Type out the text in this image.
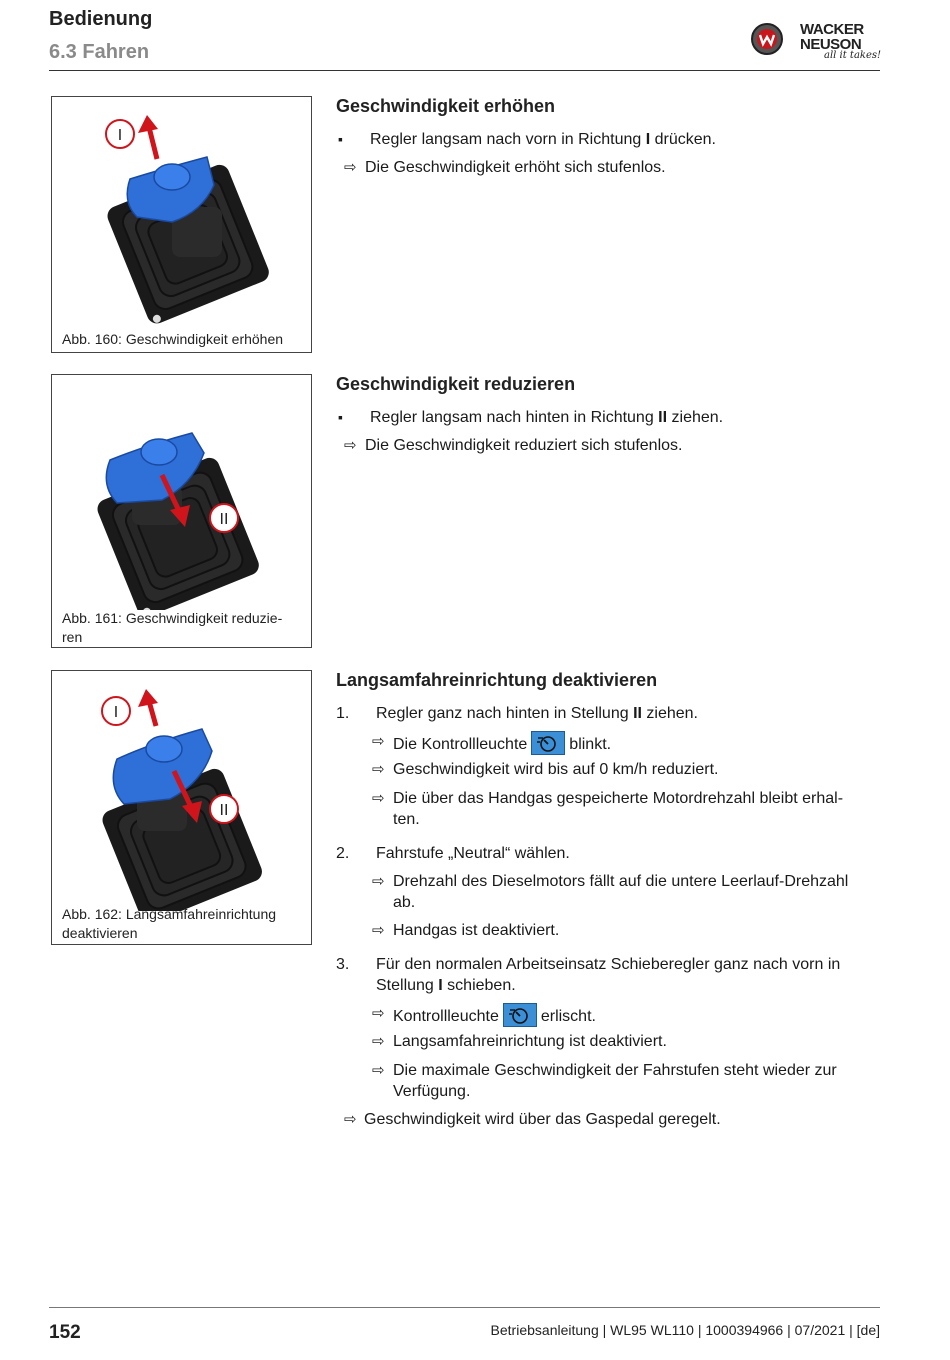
Bedienung
6.3 Fahren
WACKER
NEUSON
all it takes!
I
Abb. 160: Geschwindigkeit erhöhen
II
Abb. 161: Geschwindigkeit reduzie-
ren
I
II
Abb. 162: Langsamfahreinrichtung
deaktivieren
Geschwindigkeit erhöhen
▪ Regler langsam nach vorn in Richtung I drücken.
⇨ Die Geschwindigkeit erhöht sich stufenlos.
Geschwindigkeit reduzieren
▪ Regler langsam nach hinten in Richtung II ziehen.
⇨ Die Geschwindigkeit reduziert sich stufenlos.
Langsamfahreinrichtung deaktivieren
1. Regler ganz nach hinten in Stellung II ziehen.
⇨ Die Kontrollleuchte	blinkt.
⇨ Geschwindigkeit wird bis auf 0 km/h reduziert.
⇨ Die über das Handgas gespeicherte Motordrehzahl bleibt erhal-
ten.
2. Fahrstufe „Neutral“ wählen.
⇨ Drehzahl des Dieselmotors fällt auf die untere Leerlauf-Drehzahl
ab.
⇨ Handgas ist deaktiviert.
3. Für den normalen Arbeitseinsatz Schieberegler ganz nach vorn in
Stellung I schieben.
⇨ Kontrollleuchte	erlischt.
⇨ Langsamfahreinrichtung ist deaktiviert.
⇨ Die maximale Geschwindigkeit der Fahrstufen steht wieder zur
Verfügung.
⇨ Geschwindigkeit wird über das Gaspedal geregelt.
152	Betriebsanleitung | WL95 WL110 | 1000394966 | 07/2021 | [de]
